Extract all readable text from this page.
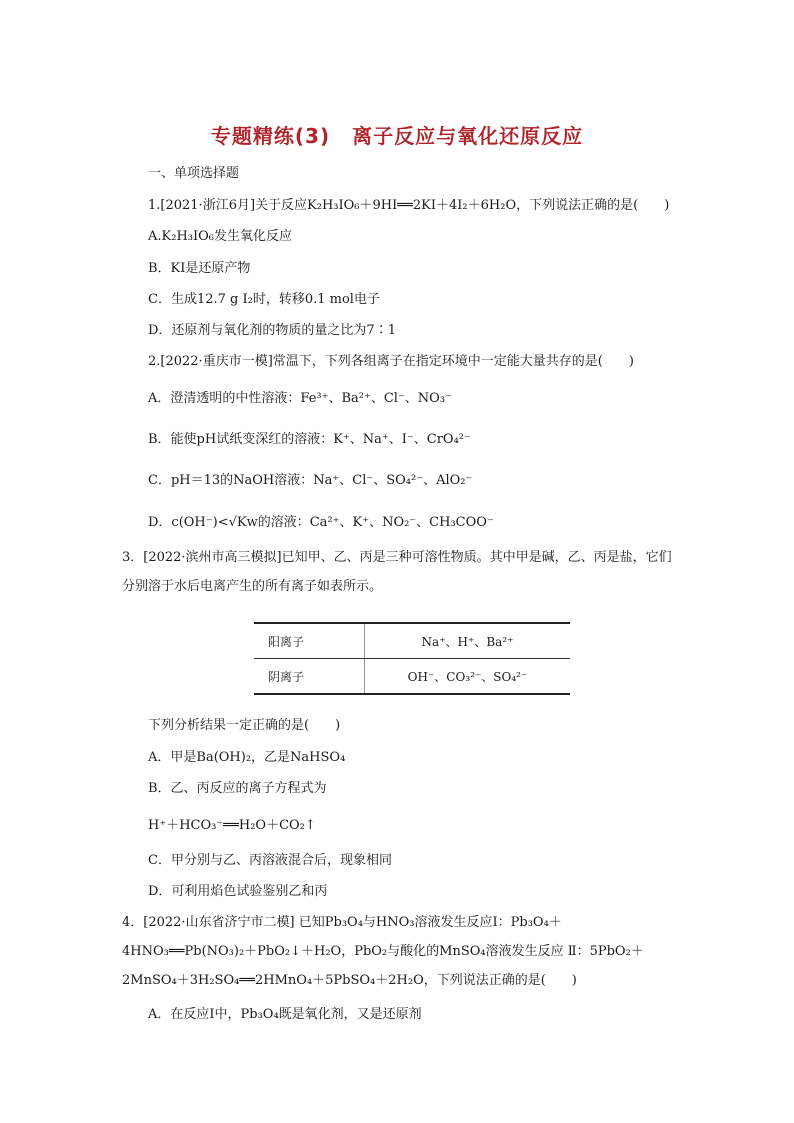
专题精练(3) 离子反应与氧化还原反应
一、单项选择题
1.[2021·浙江6月]关于反应K₂H₃IO₆＋9HI══2KI＋4I₂＋6H₂O，下列说法正确的是(　　)
A.K₂H₃IO₆发生氧化反应
B．KI是还原产物
C．生成12.7 g I₂时，转移0.1 mol电子
D．还原剂与氧化剂的物质的量之比为7∶1
2.[2022·重庆市一模]常温下，下列各组离子在指定环境中一定能大量共存的是(　　)
A．澄清透明的中性溶液：Fe³⁺、Ba²⁺、Cl⁻、NO₃⁻
B．能使pH试纸变深红的溶液：K⁺、Na⁺、I⁻、CrO₄²⁻
C．pH＝13的NaOH溶液：Na⁺、Cl⁻、SO₄²⁻、AlO₂⁻
D．c(OH⁻)<√Kw的溶液：Ca²⁺、K⁺、NO₂⁻、CH₃COO⁻
3．[2022·滨州市高三模拟]已知甲、乙、丙是三种可溶性物质。其中甲是碱，乙、丙是盐，它们分别溶于水后电离产生的所有离子如表所示。
阳离子	Na⁺、H⁺、Ba²⁺
阴离子	OH⁻、CO₃²⁻、SO₄²⁻
下列分析结果一定正确的是(　　)
A．甲是Ba(OH)₂，乙是NaHSO₄
B．乙、丙反应的离子方程式为
H⁺＋HCO₃⁻══H₂O＋CO₂↑
C．甲分别与乙、丙溶液混合后，现象相同
D．可利用焰色试验鉴别乙和丙
4．[2022·山东省济宁市二模] 已知Pb₃O₄与HNO₃溶液发生反应Ⅰ：Pb₃O₄＋4HNO₃══Pb(NO₃)₂＋PbO₂↓＋H₂O，PbO₂与酸化的MnSO₄溶液发生反应 Ⅱ：5PbO₂＋2MnSO₄＋3H₂SO₄══2HMnO₄＋5PbSO₄＋2H₂O，下列说法正确的是(　　)
A．在反应Ⅰ中，Pb₃O₄既是氧化剂，又是还原剂
